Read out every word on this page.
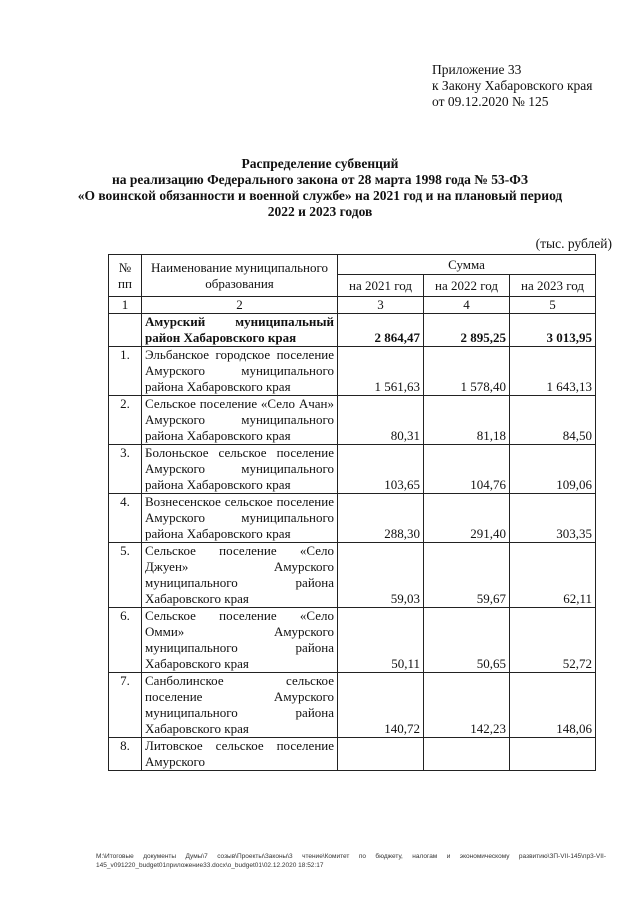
Приложение 33
к Закону Хабаровского края
от 09.12.2020 № 125
Распределение субвенций
на реализацию Федерального закона от 28 марта 1998 года № 53-ФЗ
«О воинской обязанности и военной службе» на 2021 год и на плановый период
2022 и 2023 годов
(тыс. рублей)
№ пп	Наименование муниципального образования	Сумма		
		на 2021 год	на 2022 год	на 2023 год
1	2	3	4	5
	Амурский муниципальный район Хабаровского края	2 864,47	2 895,25	3 013,95
1.	Эльбанское городское поселение Амурского муниципального района Хабаровского края	1 561,63	1 578,40	1 643,13
2.	Сельское поселение «Село Ачан» Амурского муниципального района Хабаровского края	80,31	81,18	84,50
3.	Болоньское сельское поселение Амурского муниципального района Хабаровского края	103,65	104,76	109,06
4.	Вознесенское сельское поселение Амурского муниципального района Хабаровского края	288,30	291,40	303,35
5.	Сельское поселение «Село Джуен» Амурского муниципального района Хабаровского края	59,03	59,67	62,11
6.	Сельское поселение «Село Омми» Амурского муниципального района Хабаровского края	50,11	50,65	52,72
7.	Санболинское сельское поселение Амурского муниципального района Хабаровского края	140,72	142,23	148,06
8.	Литовское сельское поселение Амурского			
M:\Итоговые документы Думы\7 созыв\Проекты\Законы\3 чтение\Комитет по бюджету, налогам и экономическому развитию\ЗП-VII-145\пр3-VII-145_v091220_budget01приложение33.docx\о_budget01\02.12.2020 18:52:17
